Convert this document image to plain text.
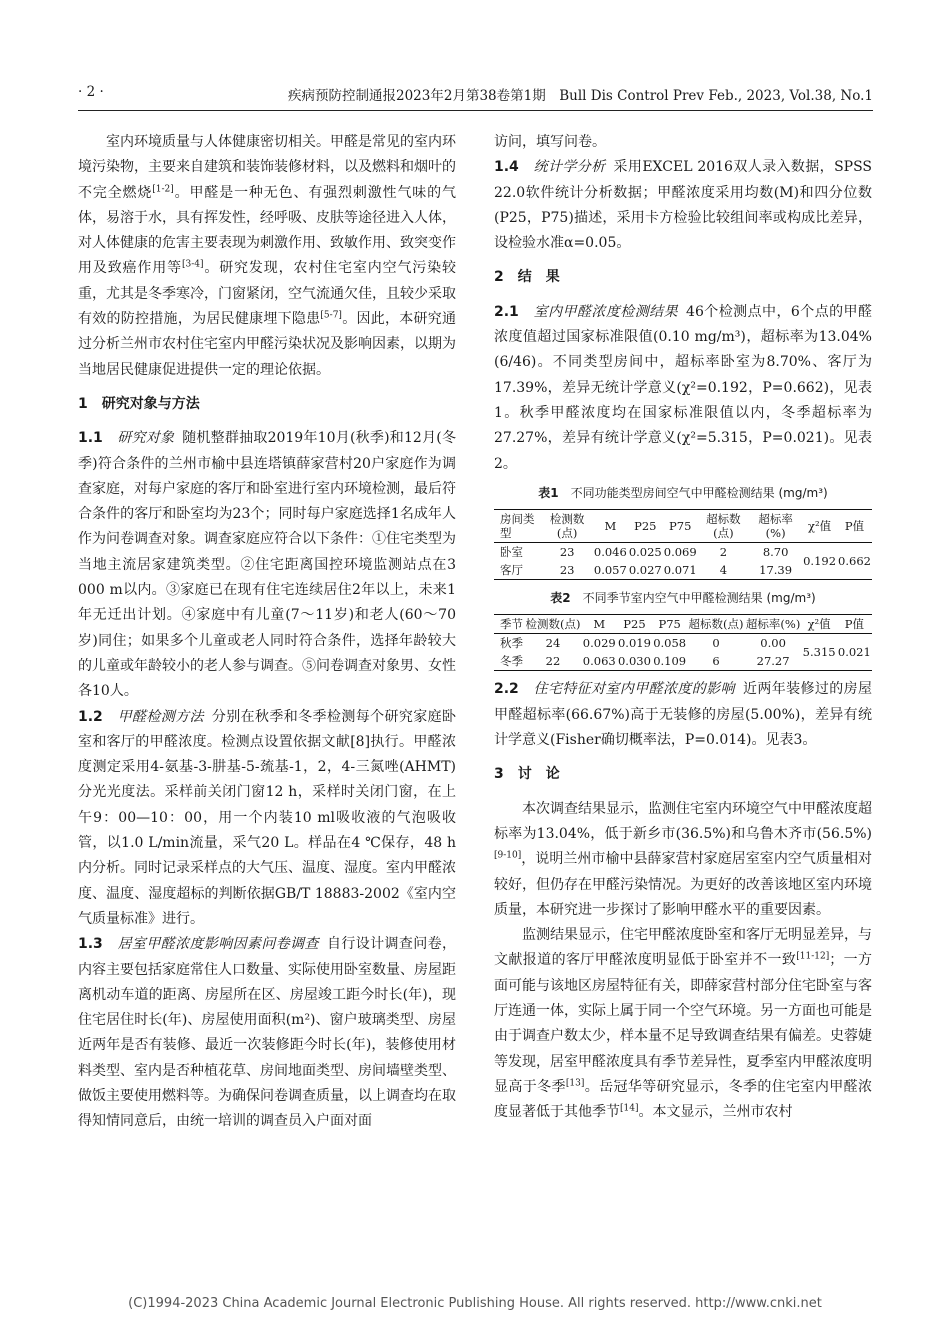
· 2 ·	疾病预防控制通报2023年2月第38卷第1期　Bull Dis Control Prev Feb., 2023, Vol.38, No.1

室内环境质量与人体健康密切相关。甲醛是常见的室内环境污染物，主要来自建筑和装饰装修材料，以及燃料和烟叶的不完全燃烧[1-2]。甲醛是一种无色、有强烈刺激性气味的气体，易溶于水，具有挥发性，经呼吸、皮肤等途径进入人体，对人体健康的危害主要表现为刺激作用、致敏作用、致突变作用及致癌作用等[3-4]。研究发现，农村住宅室内空气污染较重，尤其是冬季寒冷，门窗紧闭，空气流通欠佳，且较少采取有效的防控措施，为居民健康埋下隐患[5-7]。因此，本研究通过分析兰州市农村住宅室内甲醛污染状况及影响因素，以期为当地居民健康促进提供一定的理论依据。

1　研究对象与方法

1.1　 研究对象 随机整群抽取2019年10月(秋季)和12月(冬季)符合条件的兰州市榆中县连塔镇薛家营村20户家庭作为调查家庭，对每户家庭的客厅和卧室进行室内环境检测，最后符合条件的客厅和卧室均为23个；同时每户家庭选择1名成年人作为问卷调查对象。调查家庭应符合以下条件：①住宅类型为当地主流居家建筑类型。②住宅距离国控环境监测站点在3 000 m以内。③家庭已在现有住宅连续居住2年以上，未来1年无迁出计划。④家庭中有儿童(7～11岁)和老人(60～70岁)同住；如果多个儿童或老人同时符合条件，选择年龄较大的儿童或年龄较小的老人参与调查。⑤问卷调查对象男、女性各10人。

1.2　 甲醛检测方法 分别在秋季和冬季检测每个研究家庭卧室和客厅的甲醛浓度。检测点设置依据文献[8]执行。甲醛浓度测定采用4-氨基-3-肼基-5-巯基-1，2，4-三氮唑(AHMT)分光光度法。采样前关闭门窗12 h，采样时关闭门窗，在上午9：00—10：00，用一个内装10 ml吸收液的气泡吸收管，以1.0 L/min流量，采气20 L。样品在4 ℃保存，48 h内分析。同时记录采样点的大气压、温度、湿度。室内甲醛浓度、温度、湿度超标的判断依据GB/T 18883-2002《室内空气质量标准》进行。

1.3　 居室甲醛浓度影响因素问卷调查 自行设计调查问卷，内容主要包括家庭常住人口数量、实际使用卧室数量、房屋距离机动车道的距离、房屋所在区、房屋竣工距今时长(年)，现住宅居住时长(年)、房屋使用面积(m²)、窗户玻璃类型、房屋近两年是否有装修、最近一次装修距今时长(年)，装修使用材料类型、室内是否种植花草、房间地面类型、房间墙壁类型、做饭主要使用燃料等。为确保问卷调查质量，以上调查均在取得知情同意后，由统一培训的调查员入户面对面

访问，填写问卷。

1.4　 统计学分析 采用EXCEL 2016双人录入数据，SPSS 22.0软件统计分析数据；甲醛浓度采用均数(M)和四分位数(P25，P75)描述，采用卡方检验比较组间率或构成比差异，设检验水准α=0.05。

2　结　果

2.1　 室内甲醛浓度检测结果 46个检测点中，6个点的甲醛浓度值超过国家标准限值(0.10 mg/m³)，超标率为13.04%(6/46)。不同类型房间中，超标率卧室为8.70%、客厅为17.39%，差异无统计学意义(χ²=0.192，P=0.662)，见表1。秋季甲醛浓度均在国家标准限值以内，冬季超标率为27.27%，差异有统计学意义(χ²=5.315，P=0.021)。见表2。

表1　 不同功能类型房间空气中甲醛检测结果 (mg/m³)
房间类型	检测数(点)	M	P25	P75	超标数(点)	超标率(%)	χ²值	P值
卧室	23	0.046	0.025	0.069	2	8.70	0.192	0.662
客厅	23	0.057	0.027	0.071	4	17.39		
表2　 不同季节室内空气中甲醛检测结果 (mg/m³)
季节	检测数(点)	M	P25	P75	超标数(点)	超标率(%)	χ²值	P值
秋季	24	0.029	0.019	0.058	0	0.00	5.315	0.021
冬季	22	0.063	0.030	0.109	6	27.27		

2.2　 住宅特征对室内甲醛浓度的影响 近两年装修过的房屋甲醛超标率(66.67%)高于无装修的房屋(5.00%)，差异有统计学意义(Fisher确切概率法，P=0.014)。见表3。

3　讨　论

本次调查结果显示，监测住宅室内环境空气中甲醛浓度超标率为13.04%，低于新乡市(36.5%)和乌鲁木齐市(56.5%)[9-10]，说明兰州市榆中县薛家营村家庭居室室内空气质量相对较好，但仍存在甲醛污染情况。为更好的改善该地区室内环境质量，本研究进一步探讨了影响甲醛水平的重要因素。

监测结果显示，住宅甲醛浓度卧室和客厅无明显差异，与文献报道的客厅甲醛浓度明显低于卧室并不一致[11-12]；一方面可能与该地区房屋特征有关，即薛家营村部分住宅卧室与客厅连通一体，实际上属于同一个空气环境。另一方面也可能是由于调查户数太少，样本量不足导致调查结果有偏差。史蓉婕等发现，居室甲醛浓度具有季节差异性，夏季室内甲醛浓度明显高于冬季[13]。岳冠华等研究显示，冬季的住宅室内甲醛浓度显著低于其他季节[14]。本文显示，兰州市农村

(C)1994-2023 China Academic Journal Electronic Publishing House. All rights reserved. http://www.cnki.net
